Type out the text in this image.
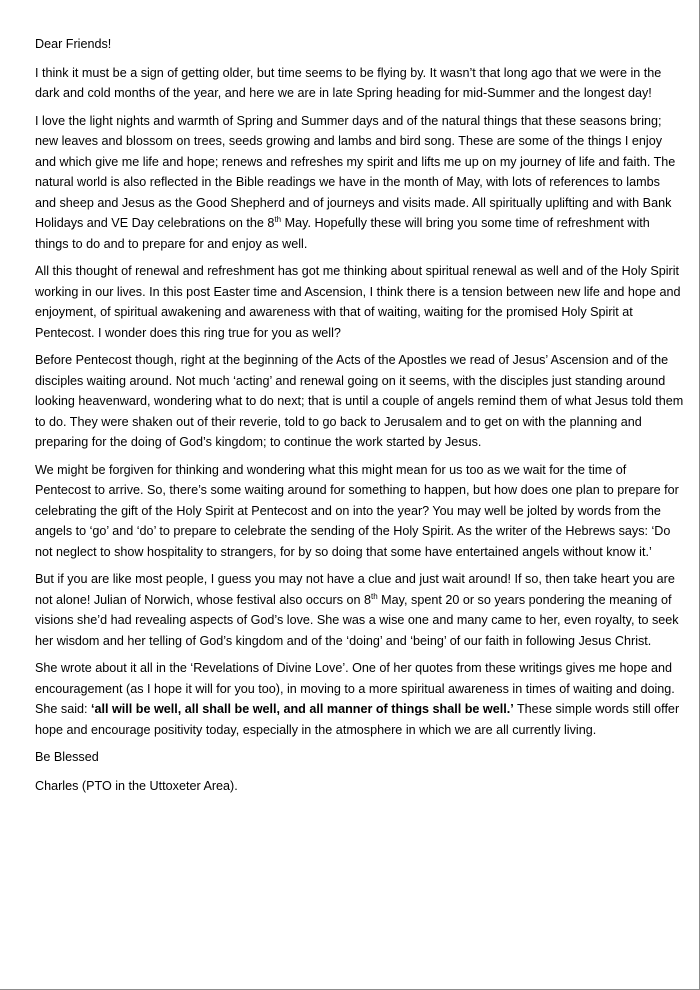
Dear Friends!

I think it must be a sign of getting older, but time seems to be flying by. It wasn’t that long ago that we were in the dark and cold months of the year, and here we are in late Spring heading for mid-Summer and the longest day!

I love the light nights and warmth of Spring and Summer days and of the natural things that these seasons bring; new leaves and blossom on trees, seeds growing and lambs and bird song. These are some of the things I enjoy and which give me life and hope; renews and refreshes my spirit and lifts me up on my journey of life and faith. The natural world is also reflected in the Bible readings we have in the month of May, with lots of references to lambs and sheep and Jesus as the Good Shepherd and of journeys and visits made. All spiritually uplifting and with Bank Holidays and VE Day celebrations on the 8th May. Hopefully these will bring you some time of refreshment with things to do and to prepare for and enjoy as well.

All this thought of renewal and refreshment has got me thinking about spiritual renewal as well and of the Holy Spirit working in our lives. In this post Easter time and Ascension, I think there is a tension between new life and hope and enjoyment, of spiritual awakening and awareness with that of waiting, waiting for the promised Holy Spirit at Pentecost. I wonder does this ring true for you as well?

Before Pentecost though, right at the beginning of the Acts of the Apostles we read of Jesus’ Ascension and of the disciples waiting around. Not much ‘acting’ and renewal going on it seems, with the disciples just standing around looking heavenward, wondering what to do next; that is until a couple of angels remind them of what Jesus told them to do. They were shaken out of their reverie, told to go back to Jerusalem and to get on with the planning and preparing for the doing of God’s kingdom; to continue the work started by Jesus.

We might be forgiven for thinking and wondering what this might mean for us too as we wait for the time of Pentecost to arrive. So, there’s some waiting around for something to happen, but how does one plan to prepare for celebrating the gift of the Holy Spirit at Pentecost and on into the year? You may well be jolted by words from the angels to ‘go’ and ‘do’ to prepare to celebrate the sending of the Holy Spirit. As the writer of the Hebrews says: ‘Do not neglect to show hospitality to strangers, for by so doing that some have entertained angels without know it.’

But if you are like most people, I guess you may not have a clue and just wait around! If so, then take heart you are not alone! Julian of Norwich, whose festival also occurs on 8th May, spent 20 or so years pondering the meaning of visions she’d had revealing aspects of God’s love. She was a wise one and many came to her, even royalty, to seek her wisdom and her telling of God’s kingdom and of the ‘doing’ and ‘being’ of our faith in following Jesus Christ.

She wrote about it all in the ‘Revelations of Divine Love’. One of her quotes from these writings gives me hope and encouragement (as I hope it will for you too), in moving to a more spiritual awareness in times of waiting and doing. She said: ‘all will be well, all shall be well, and all manner of things shall be well.’ These simple words still offer hope and encourage positivity today, especially in the atmosphere in which we are all currently living.

Be Blessed

Charles (PTO in the Uttoxeter Area).
